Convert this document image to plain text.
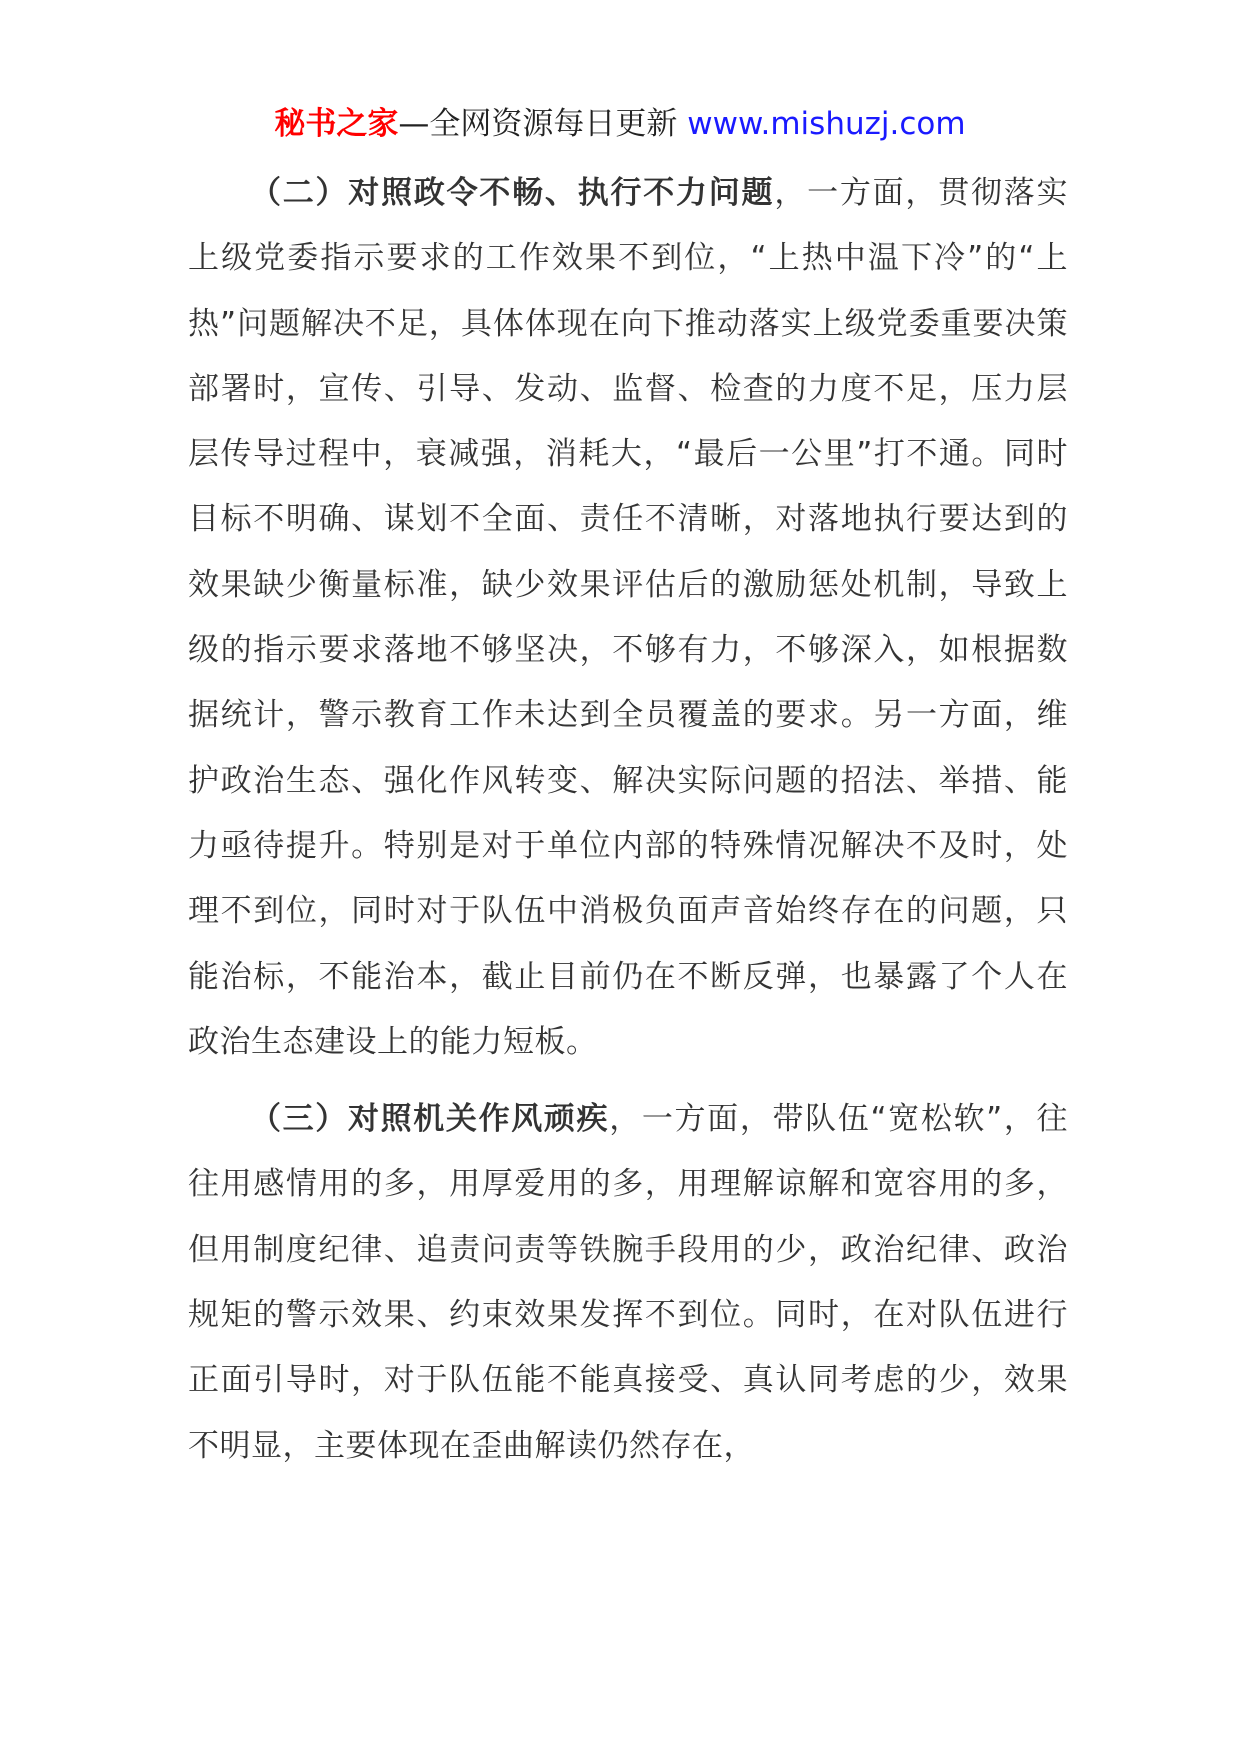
秘书之家—全网资源每日更新 www.mishuzj.com

（二）对照政令不畅、执行不力问题，一方面，贯彻落实上级党委指示要求的工作效果不到位，“上热中温下冷”的“上热”问题解决不足，具体体现在向下推动落实上级党委重要决策部署时，宣传、引导、发动、监督、检查的力度不足，压力层层传导过程中，衰减强，消耗大，“最后一公里”打不通。同时目标不明确、谋划不全面、责任不清晰，对落地执行要达到的效果缺少衡量标准，缺少效果评估后的激励惩处机制，导致上级的指示要求落地不够坚决，不够有力，不够深入，如根据数据统计，警示教育工作未达到全员覆盖的要求。另一方面，维护政治生态、强化作风转变、解决实际问题的招法、举措、能力亟待提升。特别是对于单位内部的特殊情况解决不及时，处理不到位，同时对于队伍中消极负面声音始终存在的问题，只能治标，不能治本，截止目前仍在不断反弹，也暴露了个人在政治生态建设上的能力短板。

（三）对照机关作风顽疾，一方面，带队伍“宽松软”，往往用感情用的多，用厚爱用的多，用理解谅解和宽容用的多，但用制度纪律、追责问责等铁腕手段用的少，政治纪律、政治规矩的警示效果、约束效果发挥不到位。同时，在对队伍进行正面引导时，对于队伍能不能真接受、真认同考虑的少，效果不明显，主要体现在歪曲解读仍然存在，
